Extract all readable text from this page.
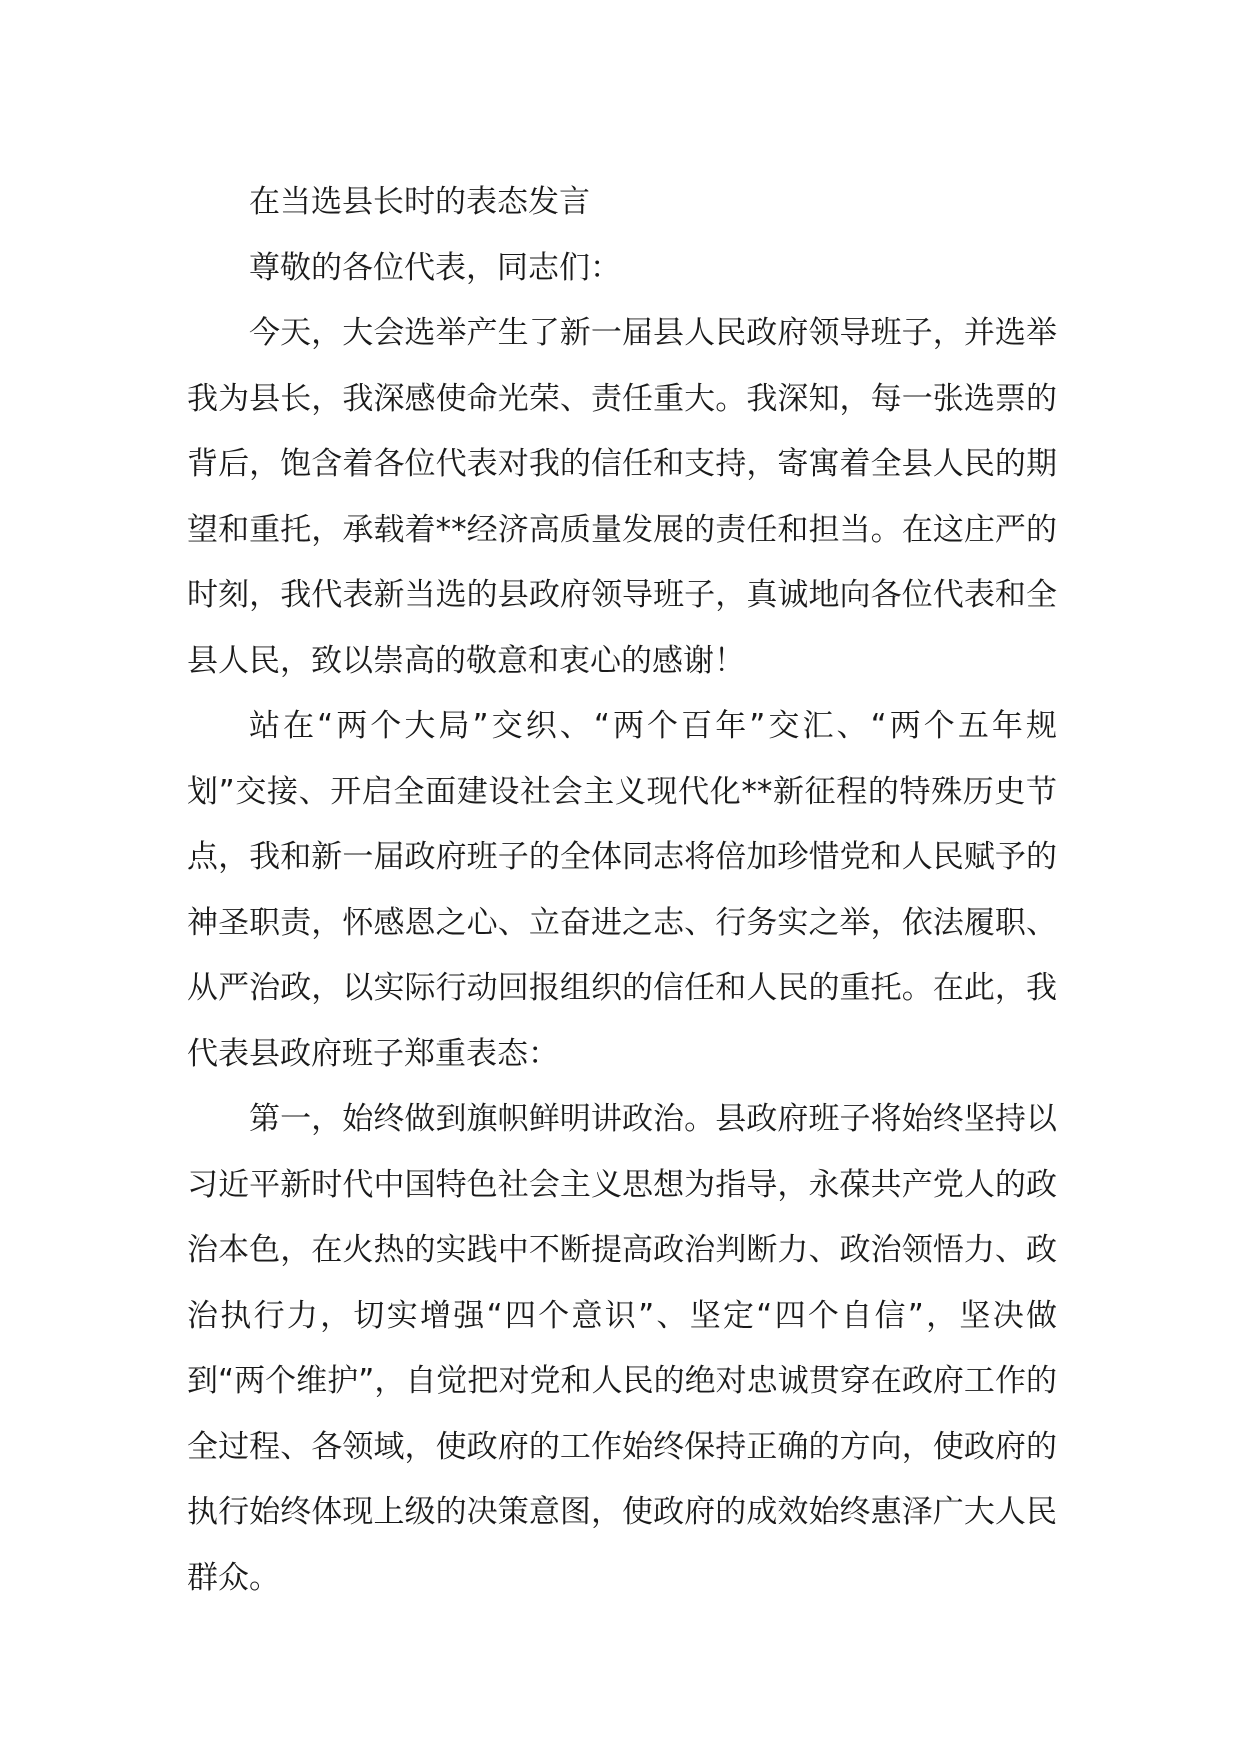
在当选县长时的表态发言

尊敬的各位代表，同志们：

今天，大会选举产生了新一届县人民政府领导班子，并选举我为县长，我深感使命光荣、责任重大。我深知，每一张选票的背后，饱含着各位代表对我的信任和支持，寄寓着全县人民的期望和重托，承载着**经济高质量发展的责任和担当。在这庄严的时刻，我代表新当选的县政府领导班子，真诚地向各位代表和全县人民，致以崇高的敬意和衷心的感谢！

站在“两个大局”交织、“两个百年”交汇、“两个五年规划”交接、开启全面建设社会主义现代化**新征程的特殊历史节点，我和新一届政府班子的全体同志将倍加珍惜党和人民赋予的神圣职责，怀感恩之心、立奋进之志、行务实之举，依法履职、从严治政，以实际行动回报组织的信任和人民的重托。在此，我代表县政府班子郑重表态：

第一，始终做到旗帜鲜明讲政治。县政府班子将始终坚持以习近平新时代中国特色社会主义思想为指导，永葆共产党人的政治本色，在火热的实践中不断提高政治判断力、政治领悟力、政治执行力，切实增强“四个意识”、坚定“四个自信”，坚决做到“两个维护”，自觉把对党和人民的绝对忠诚贯穿在政府工作的全过程、各领域，使政府的工作始终保持正确的方向，使政府的执行始终体现上级的决策意图，使政府的成效始终惠泽广大人民群众。
